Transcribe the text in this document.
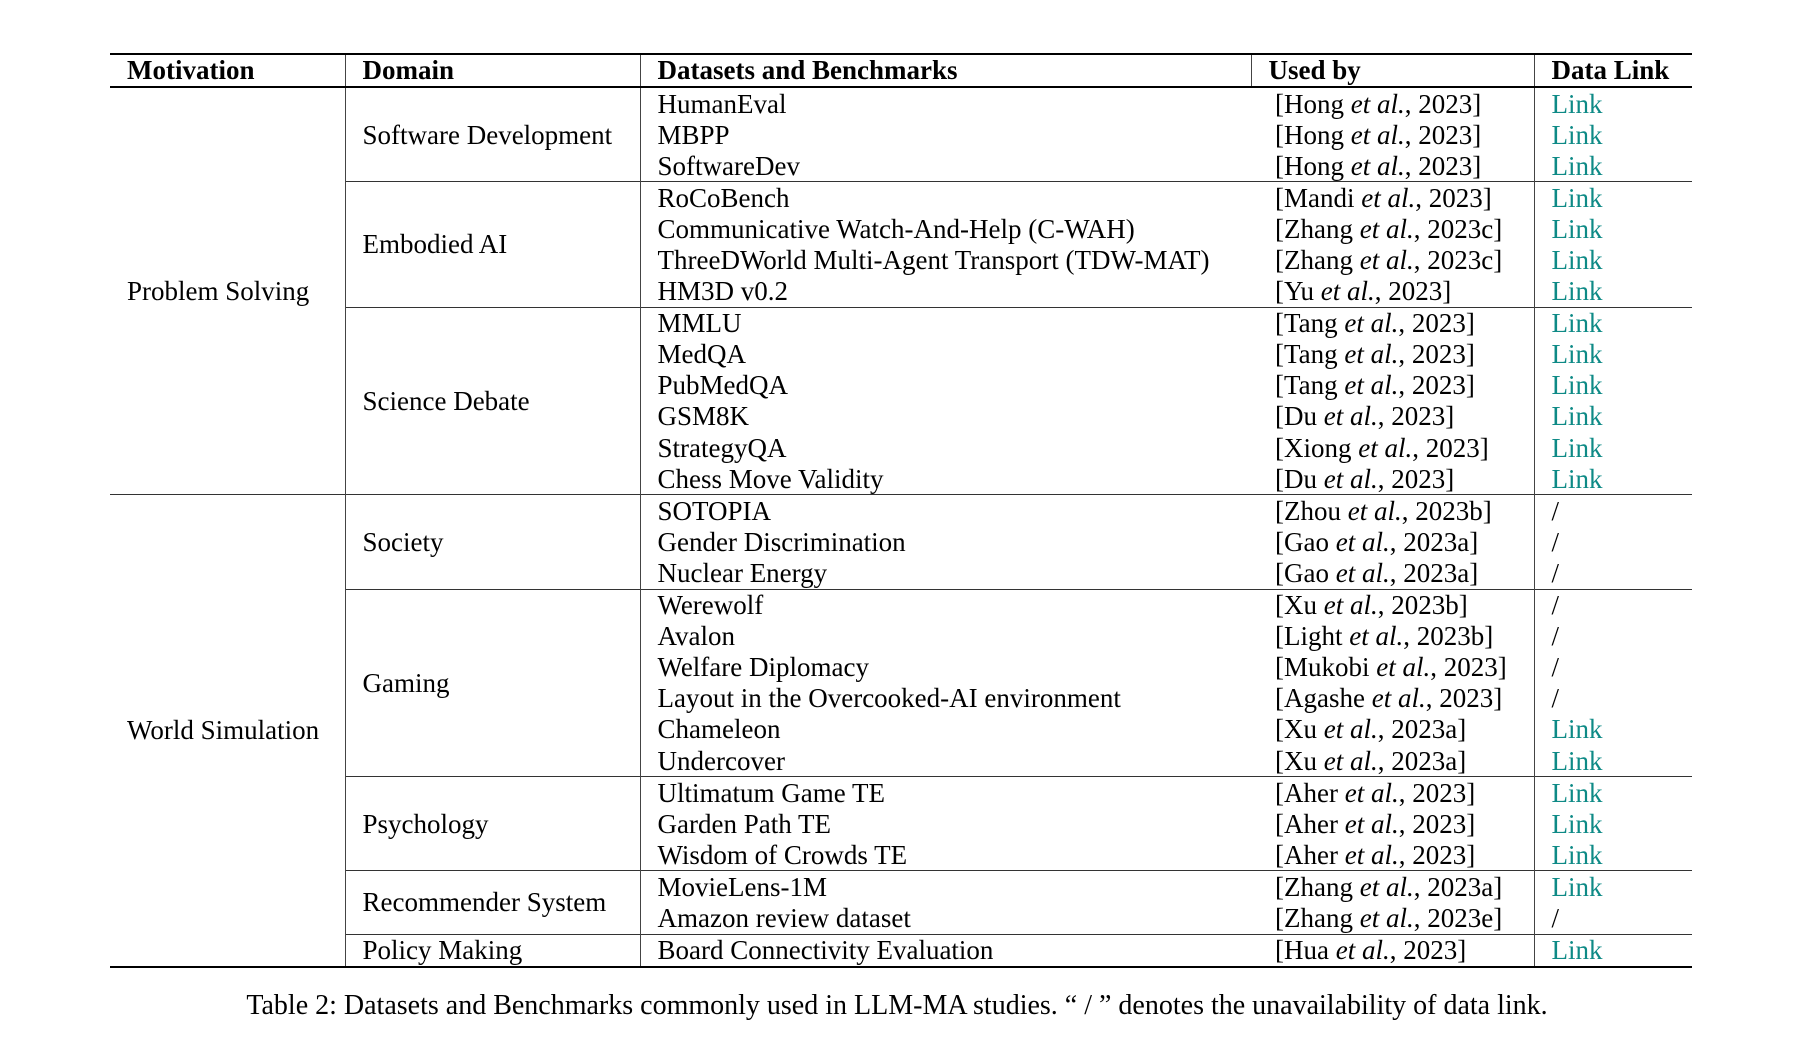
Motivation	Domain	Datasets and Benchmarks	Used by	Data Link
Problem Solving	Software Development	HumanEval	[Hong et al., 2023]	Link
		MBPP	[Hong et al., 2023]	Link
		SoftwareDev	[Hong et al., 2023]	Link
	Embodied AI	RoCoBench	[Mandi et al., 2023]	Link
		Communicative Watch-And-Help (C-WAH)	[Zhang et al., 2023c]	Link
		ThreeDWorld Multi-Agent Transport (TDW-MAT)	[Zhang et al., 2023c]	Link
		HM3D v0.2	[Yu et al., 2023]	Link
	Science Debate	MMLU	[Tang et al., 2023]	Link
		MedQA	[Tang et al., 2023]	Link
		PubMedQA	[Tang et al., 2023]	Link
		GSM8K	[Du et al., 2023]	Link
		StrategyQA	[Xiong et al., 2023]	Link
		Chess Move Validity	[Du et al., 2023]	Link
World Simulation	Society	SOTOPIA	[Zhou et al., 2023b]	/
		Gender Discrimination	[Gao et al., 2023a]	/
		Nuclear Energy	[Gao et al., 2023a]	/
	Gaming	Werewolf	[Xu et al., 2023b]	/
		Avalon	[Light et al., 2023b]	/
		Welfare Diplomacy	[Mukobi et al., 2023]	/
		Layout in the Overcooked-AI environment	[Agashe et al., 2023]	/
		Chameleon	[Xu et al., 2023a]	Link
		Undercover	[Xu et al., 2023a]	Link
	Psychology	Ultimatum Game TE	[Aher et al., 2023]	Link
		Garden Path TE	[Aher et al., 2023]	Link
		Wisdom of Crowds TE	[Aher et al., 2023]	Link
	Recommender System	MovieLens-1M	[Zhang et al., 2023a]	Link
		Amazon review dataset	[Zhang et al., 2023e]	/
	Policy Making	Board Connectivity Evaluation	[Hua et al., 2023]	Link
Table 2: Datasets and Benchmarks commonly used in LLM-MA studies. “ / ” denotes the unavailability of data link.
